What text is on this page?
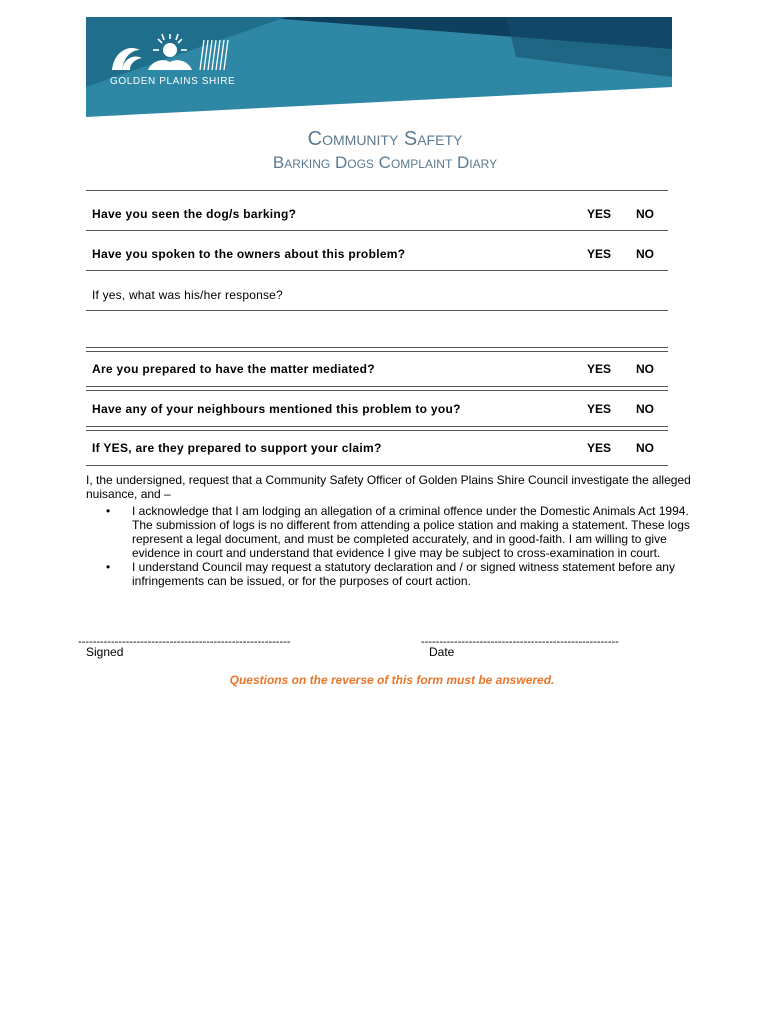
GOLDEN PLAINS SHIRE
Community Safety
Barking Dogs Complaint Diary
Have you seen the dog/s barking?	YES NO
Have you spoken to the owners about this problem?	YES NO
If yes, what was his/her response?
Are you prepared to have the matter mediated?	YES NO
Have any of your neighbours mentioned this problem to you?	YES NO
If YES, are they prepared to support your claim?	YES NO
I, the undersigned, request that a Community Safety Officer of Golden Plains Shire Council investigate the alleged nuisance, and –
• I acknowledge that I am lodging an allegation of a criminal offence under the Domestic Animals Act 1994. The submission of logs is no different from attending a police station and making a statement. These logs represent a legal document, and must be completed accurately, and in good-faith. I am willing to give evidence in court and understand that evidence I give may be subject to cross-examination in court.
• I understand Council may request a statutory declaration and / or signed witness statement before any infringements can be issued, or for the purposes of court action.
----------------------------------------------------------
Signed
------------------------------------------------------
Date
Questions on the reverse of this form must be answered.
